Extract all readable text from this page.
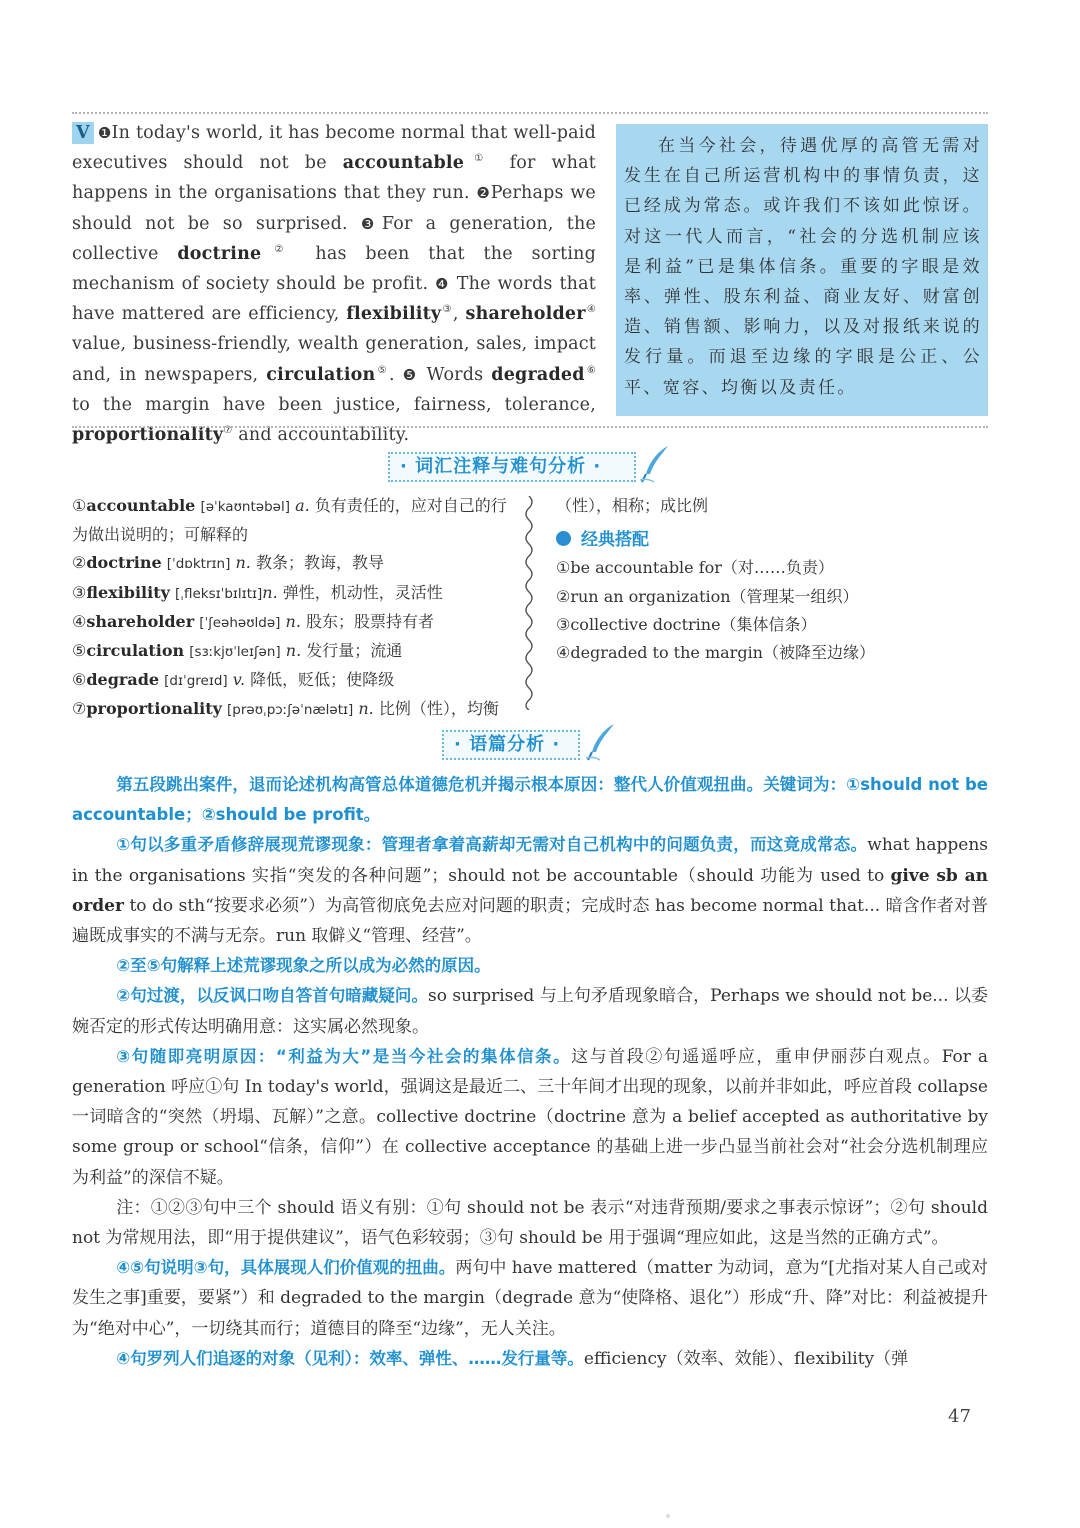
V ❶In today's world, it has become normal that well-paid executives should not be accountable① for what happens in the organisations that they run. ❷Perhaps we should not be so surprised. ❸For a generation, the collective doctrine② has been that the sorting mechanism of society should be profit. ❹ The words that have mattered are efficiency, flexibility③, shareholder④ value, business-friendly, wealth generation, sales, impact and, in newspapers, circulation⑤. ❺ Words degraded⑥ to the margin have been justice, fairness, tolerance, proportionality⑦ and accountability.
在当今社会，待遇优厚的高管无需对发生在自己所运营机构中的事情负责，这已经成为常态。或许我们不该如此惊讶。对这一代人而言，“社会的分选机制应该是利益”已是集体信条。重要的字眼是效率、弹性、股东利益、商业友好、财富创造、销售额、影响力，以及对报纸来说的发行量。而退至边缘的字眼是公正、公平、宽容、均衡以及责任。
· 词汇注释与难句分析 ·
①accountable [əˈkaʊntəbəl] a. 负有责任的，应对自己的行为做出说明的；可解释的
②doctrine [ˈdɒktrɪn] n. 教条；教诲，教导
③flexibility [ˌfleksɪˈbɪlɪtɪ]n. 弹性，机动性，灵活性
④shareholder [ˈʃeəhəʊldə] n. 股东；股票持有者
⑤circulation [sɜːkjʊˈleɪʃən] n. 发行量；流通
⑥degrade [dɪˈgreɪd] v. 降低，贬低；使降级
⑦proportionality [prəʊˌpɔːʃəˈnælətɪ] n. 比例（性），均衡
（性），相称；成比例
经典搭配
①be accountable for（对……负责）
②run an organization（管理某一组织）
③collective doctrine（集体信条）
④degraded to the margin（被降至边缘）
· 语篇分析 ·

第五段跳出案件，退而论述机构高管总体道德危机并揭示根本原因：整代人价值观扭曲。关键词为：①should not be accountable；②should be profit。

①句以多重矛盾修辞展现荒谬现象：管理者拿着高薪却无需对自己机构中的问题负责，而这竟成常态。what happens in the organisations 实指“突发的各种问题”；should not be accountable（should 功能为 used to give sb an order to do sth“按要求必须”）为高管彻底免去应对问题的职责；完成时态 has become normal that... 暗含作者对普遍既成事实的不满与无奈。run 取僻义“管理、经营”。

②至⑤句解释上述荒谬现象之所以成为必然的原因。

②句过渡，以反讽口吻自答首句暗藏疑问。so surprised 与上句矛盾现象暗合，Perhaps we should not be... 以委婉否定的形式传达明确用意：这实属必然现象。

③句随即亮明原因：“利益为大”是当今社会的集体信条。这与首段②句遥遥呼应，重申伊丽莎白观点。For a generation 呼应①句 In today's world，强调这是最近二、三十年间才出现的现象，以前并非如此，呼应首段 collapse 一词暗含的“突然（坍塌、瓦解）”之意。collective doctrine（doctrine 意为 a belief accepted as authoritative by some group or school“信条，信仰”）在 collective acceptance 的基础上进一步凸显当前社会对“社会分选机制理应为利益”的深信不疑。

注：①②③句中三个 should 语义有别：①句 should not be 表示“对违背预期/要求之事表示惊讶”；②句 should not 为常规用法，即“用于提供建议”，语气色彩较弱；③句 should be 用于强调“理应如此，这是当然的正确方式”。

④⑤句说明③句，具体展现人们价值观的扭曲。两句中 have mattered（matter 为动词，意为“[尤指对某人自己或对发生之事]重要，要紧”）和 degraded to the margin（degrade 意为“使降格、退化”）形成“升、降”对比：利益被提升为“绝对中心”，一切绕其而行；道德目的降至“边缘”，无人关注。

④句罗列人们追逐的对象（见利）：效率、弹性、……发行量等。efficiency（效率、效能）、flexibility（弹

47
